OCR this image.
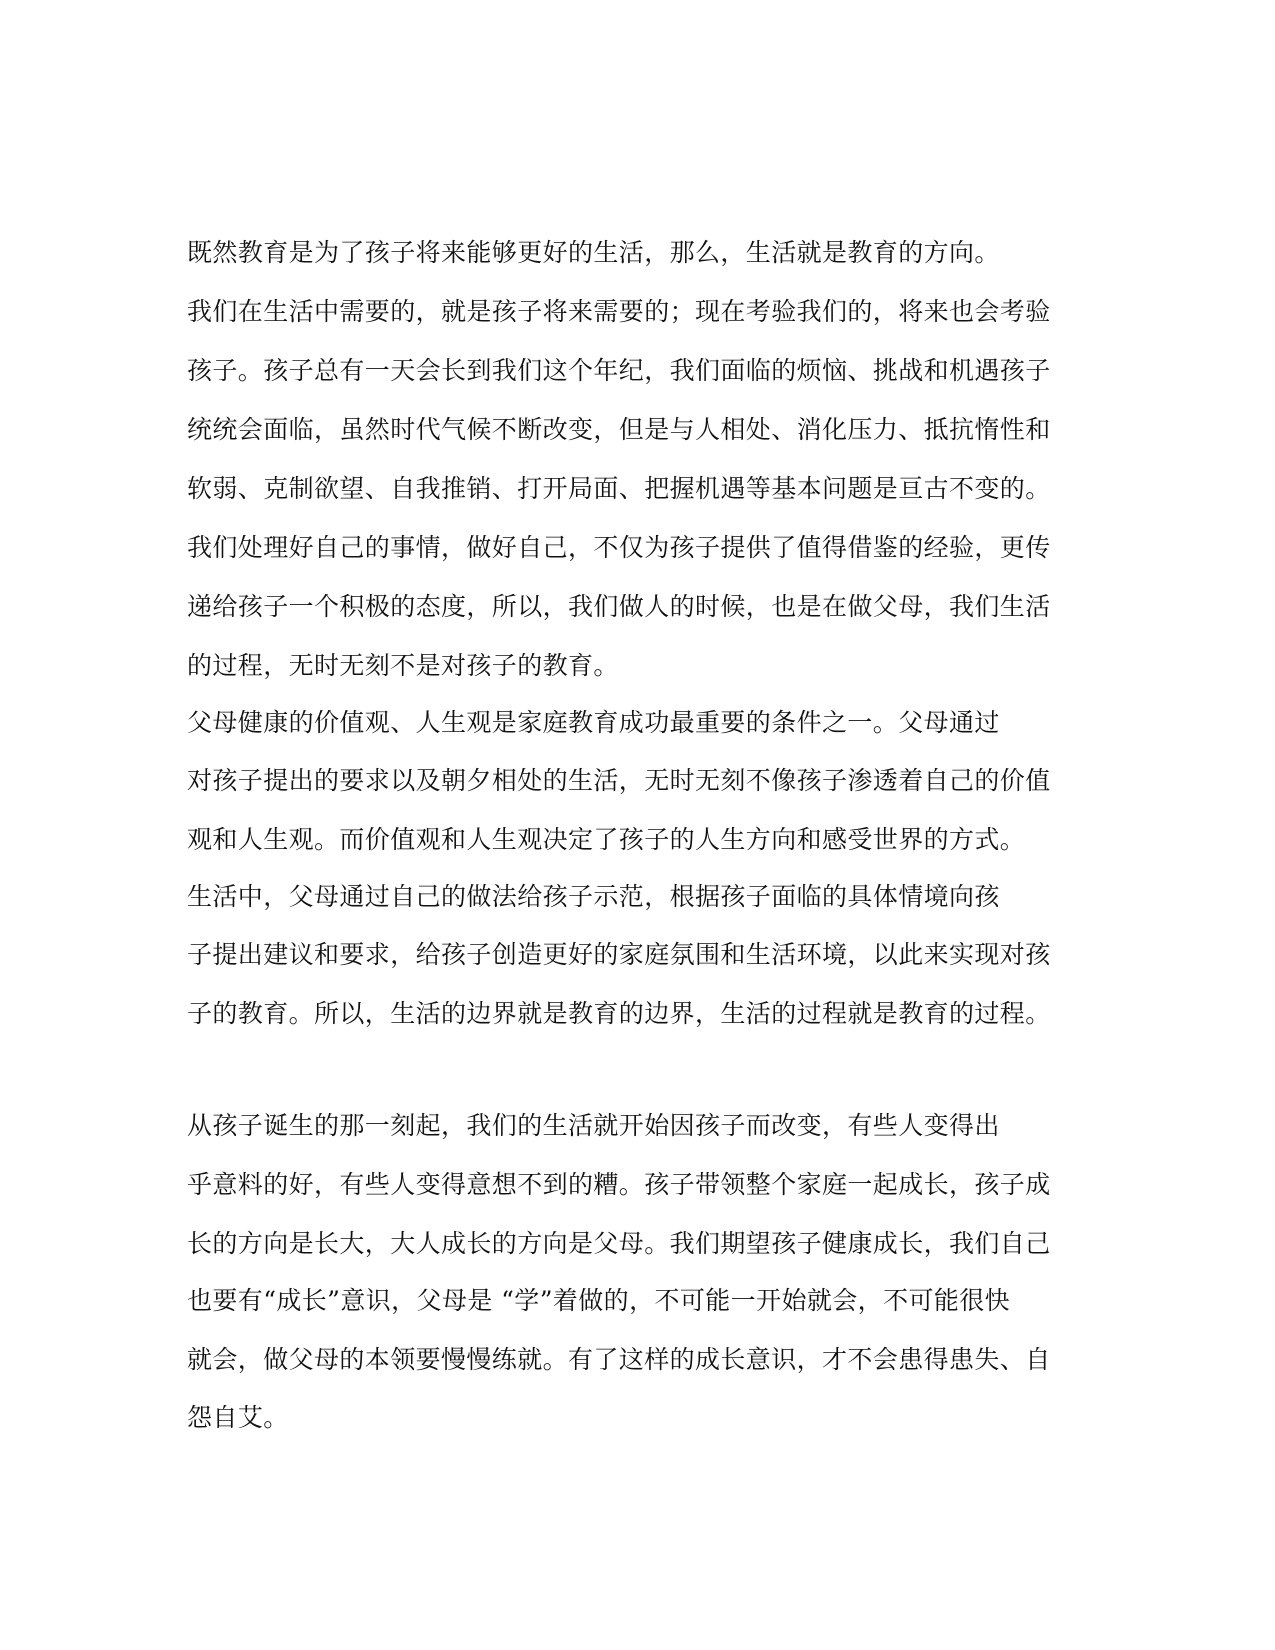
既然教育是为了孩子将来能够更好的生活，那么，生活就是教育的方向。
我们在生活中需要的，就是孩子将来需要的；现在考验我们的，将来也会考验
孩子。孩子总有一天会长到我们这个年纪，我们面临的烦恼、挑战和机遇孩子
统统会面临，虽然时代气候不断改变，但是与人相处、消化压力、抵抗惰性和
软弱、克制欲望、自我推销、打开局面、把握机遇等基本问题是亘古不变的。
我们处理好自己的事情，做好自己，不仅为孩子提供了值得借鉴的经验，更传
递给孩子一个积极的态度，所以，我们做人的时候，也是在做父母，我们生活
的过程，无时无刻不是对孩子的教育。
父母健康的价值观、人生观是家庭教育成功最重要的条件之一。父母通过
对孩子提出的要求以及朝夕相处的生活，无时无刻不像孩子渗透着自己的价值
观和人生观。而价值观和人生观决定了孩子的人生方向和感受世界的方式。
生活中，父母通过自己的做法给孩子示范，根据孩子面临的具体情境向孩
子提出建议和要求，给孩子创造更好的家庭氛围和生活环境，以此来实现对孩
子的教育。所以，生活的边界就是教育的边界，生活的过程就是教育的过程。
从孩子诞生的那一刻起，我们的生活就开始因孩子而改变，有些人变得出
乎意料的好，有些人变得意想不到的糟。孩子带领整个家庭一起成长，孩子成
长的方向是长大，大人成长的方向是父母。我们期望孩子健康成长，我们自己
也要有“成长”意识，父母是 “学”着做的，不可能一开始就会，不可能很快
就会，做父母的本领要慢慢练就。有了这样的成长意识，才不会患得患失、自
怨自艾。
